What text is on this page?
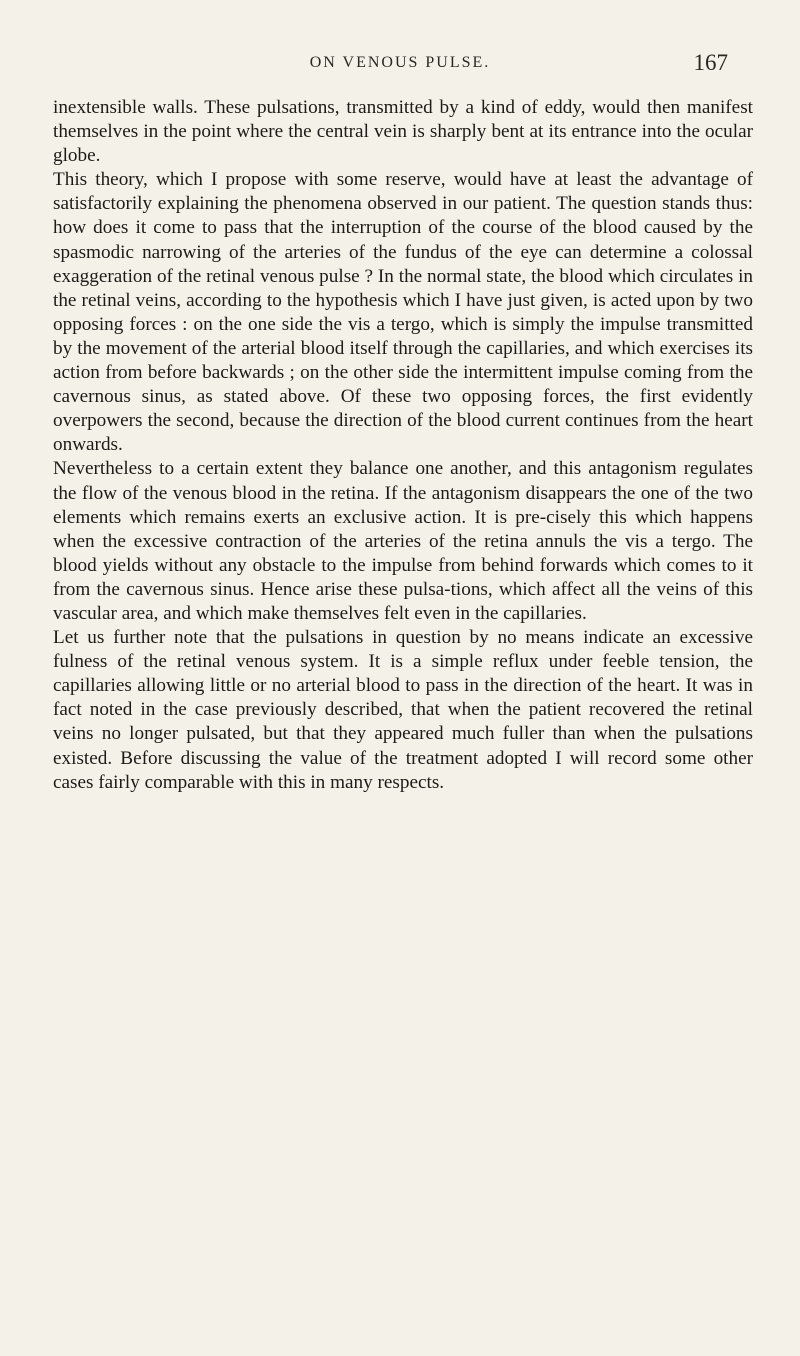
ON VENOUS PULSE.	167

inextensible walls. These pulsations, transmitted by a kind of eddy, would then manifest themselves in the point where the central vein is sharply bent at its entrance into the ocular globe.

This theory, which I propose with some reserve, would have at least the advantage of satisfactorily explaining the phenomena observed in our patient. The question stands thus: how does it come to pass that the interruption of the course of the blood caused by the spasmodic narrowing of the arteries of the fundus of the eye can determine a colossal exaggeration of the retinal venous pulse ? In the normal state, the blood which circulates in the retinal veins, according to the hypothesis which I have just given, is acted upon by two opposing forces : on the one side the vis a tergo, which is simply the impulse transmitted by the movement of the arterial blood itself through the capillaries, and which exercises its action from before backwards ; on the other side the intermittent impulse coming from the cavernous sinus, as stated above. Of these two opposing forces, the first evidently overpowers the second, because the direction of the blood current continues from the heart onwards.

Nevertheless to a certain extent they balance one another, and this antagonism regulates the flow of the venous blood in the retina. If the antagonism disappears the one of the two elements which remains exerts an exclusive action. It is pre-cisely this which happens when the excessive contraction of the arteries of the retina annuls the vis a tergo. The blood yields without any obstacle to the impulse from behind forwards which comes to it from the cavernous sinus. Hence arise these pulsa-tions, which affect all the veins of this vascular area, and which make themselves felt even in the capillaries.

Let us further note that the pulsations in question by no means indicate an excessive fulness of the retinal venous system. It is a simple reflux under feeble tension, the capillaries allowing little or no arterial blood to pass in the direction of the heart. It was in fact noted in the case previously described, that when the patient recovered the retinal veins no longer pulsated, but that they appeared much fuller than when the pulsations existed. Before discussing the value of the treatment adopted I will record some other cases fairly comparable with this in many respects.
